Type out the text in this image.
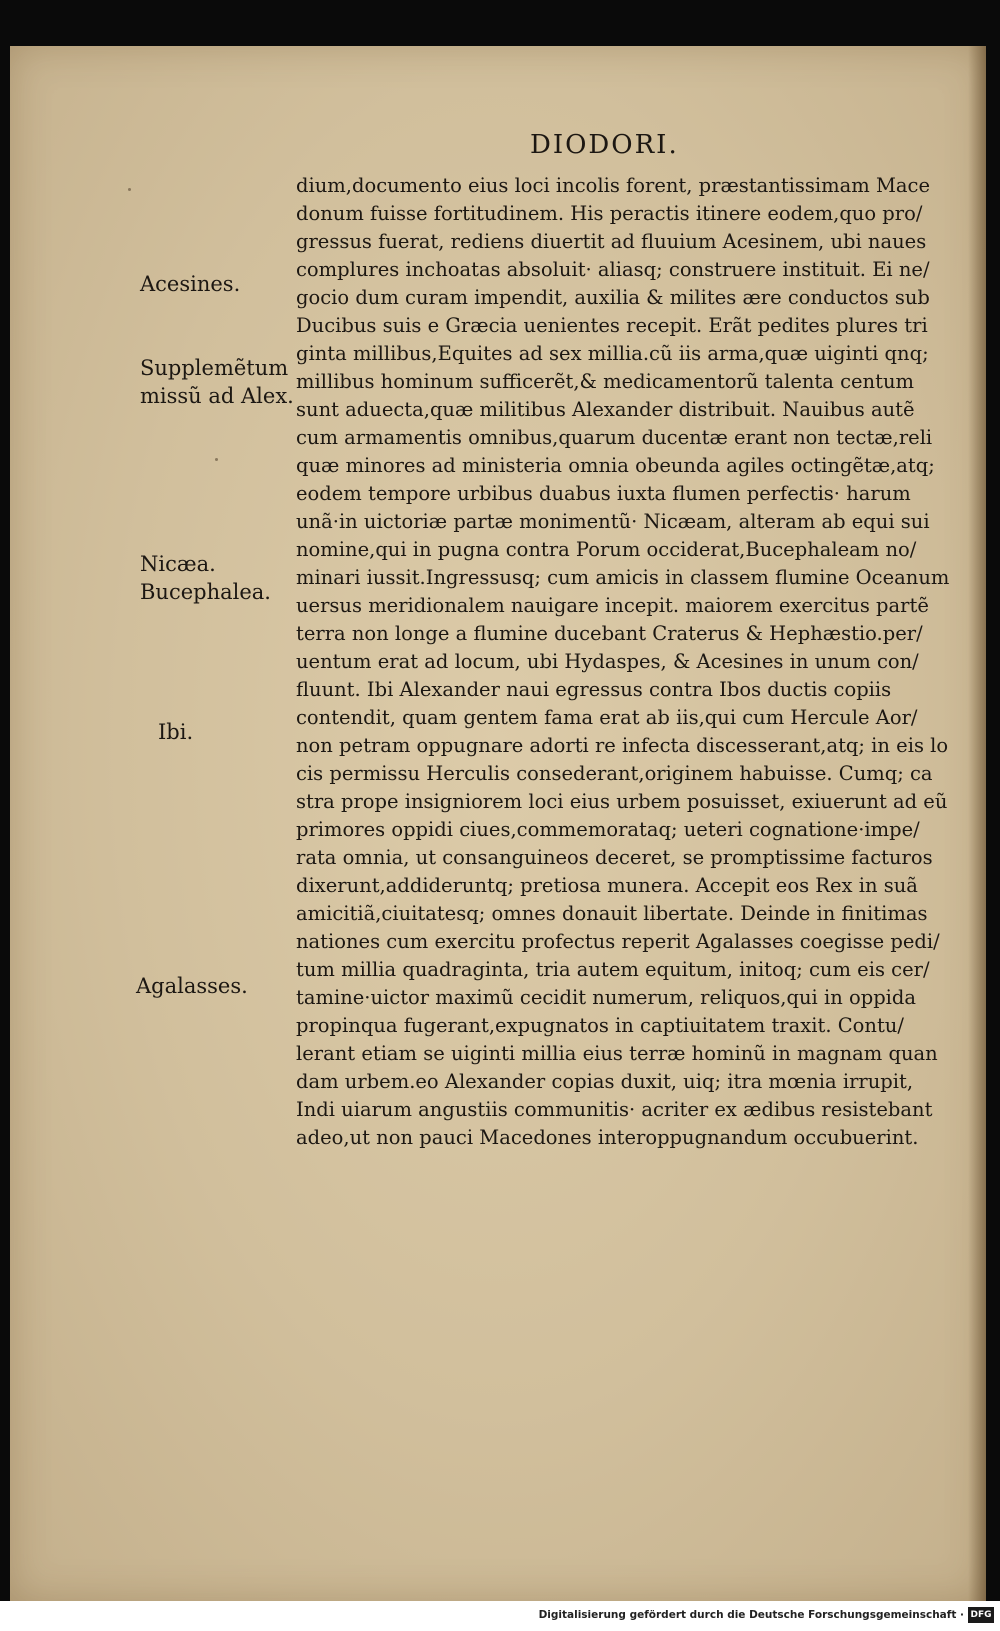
DIODORI.
Acesines.
Supplemẽtum
missũ ad Alex.
Nicæa.
Bucephalea.
Ibi.
Agalasses.
dium,documento eius loci incolis forent, præstantissimam Mace
donum fuisse fortitudinem. His peractis itinere eodem,quo pro/
gressus fuerat, rediens diuertit ad fluuium Acesinem, ubi naues
complures inchoatas absoluit· aliasq; construere instituit. Ei ne/
gocio dum curam impendit, auxilia & milites ære conductos sub
Ducibus suis e Græcia uenientes recepit. Erãt pedites plures tri
ginta millibus,Equites ad sex millia.cũ iis arma,quæ uiginti qnq;
millibus hominum sufficerẽt,& medicamentorũ talenta centum
sunt aduecta,quæ militibus Alexander distribuit. Nauibus autẽ
cum armamentis omnibus,quarum ducentæ erant non tectæ,reli
quæ minores ad ministeria omnia obeunda agiles octingẽtæ,atq;
eodem tempore urbibus duabus iuxta flumen perfectis· harum
unã·in uictoriæ partæ monimentũ· Nicæam, alteram ab equi sui
nomine,qui in pugna contra Porum occiderat,Bucephaleam no/
minari iussit.Ingressusq; cum amicis in classem flumine Oceanum
uersus meridionalem nauigare incepit. maiorem exercitus partẽ
terra non longe a flumine ducebant Craterus & Hephæstio.per/
uentum erat ad locum, ubi Hydaspes, & Acesines in unum con/
fluunt. Ibi Alexander naui egressus contra Ibos ductis copiis
contendit, quam gentem fama erat ab iis,qui cum Hercule Aor/
non petram oppugnare adorti re infecta discesserant,atq; in eis lo
cis permissu Herculis consederant,originem habuisse. Cumq; ca
stra prope insigniorem loci eius urbem posuisset, exiuerunt ad eũ
primores oppidi ciues,commemorataq; ueteri cognatione·impe/
rata omnia, ut consanguineos deceret, se promptissime facturos
dixerunt,addideruntq; pretiosa munera. Accepit eos Rex in suã
amicitiã,ciuitatesq; omnes donauit libertate. Deinde in finitimas
nationes cum exercitu profectus reperit Agalasses coegisse pedi/
tum millia quadraginta, tria autem equitum, initoq; cum eis cer/
tamine·uictor maximũ cecidit numerum, reliquos,qui in oppida
propinqua fugerant,expugnatos in captiuitatem traxit. Contu/
lerant etiam se uiginti millia eius terræ hominũ in magnam quan
dam urbem.eo Alexander copias duxit, uiq; itra mœnia irrupit,
Indi uiarum angustiis communitis· acriter ex ædibus resistebant
adeo,ut non pauci Macedones interoppugnandum occubuerint.
Digitalisierung gefördert durch die Deutsche Forschungsgemeinschaft · DFG
